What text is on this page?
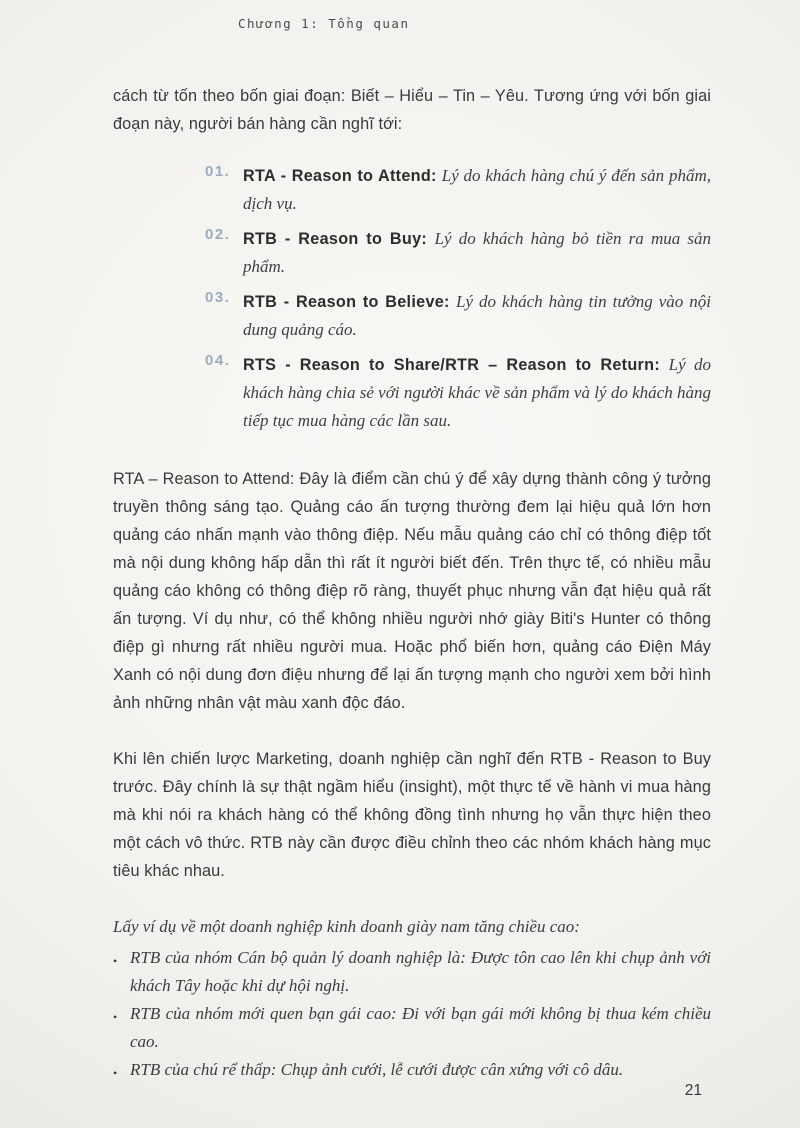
Chương 1: Tổng quan

cách từ tốn theo bốn giai đoạn: Biết – Hiểu – Tin – Yêu. Tương ứng với bốn giai đoạn này, người bán hàng cần nghĩ tới:

01. RTA - Reason to Attend: Lý do khách hàng chú ý đến sản phẩm, dịch vụ.
02. RTB - Reason to Buy: Lý do khách hàng bỏ tiền ra mua sản phẩm.
03. RTB - Reason to Believe: Lý do khách hàng tin tưởng vào nội dung quảng cáo.
04. RTS - Reason to Share/RTR – Reason to Return: Lý do khách hàng chia sẻ với người khác về sản phẩm và lý do khách hàng tiếp tục mua hàng các lần sau.

RTA – Reason to Attend: Đây là điểm cần chú ý để xây dựng thành công ý tưởng truyền thông sáng tạo. Quảng cáo ấn tượng thường đem lại hiệu quả lớn hơn quảng cáo nhấn mạnh vào thông điệp. Nếu mẫu quảng cáo chỉ có thông điệp tốt mà nội dung không hấp dẫn thì rất ít người biết đến. Trên thực tế, có nhiều mẫu quảng cáo không có thông điệp rõ ràng, thuyết phục nhưng vẫn đạt hiệu quả rất ấn tượng. Ví dụ như, có thể không nhiều người nhớ giày Biti's Hunter có thông điệp gì nhưng rất nhiều người mua. Hoặc phổ biến hơn, quảng cáo Điện Máy Xanh có nội dung đơn điệu nhưng để lại ấn tượng mạnh cho người xem bởi hình ảnh những nhân vật màu xanh độc đáo.

Khi lên chiến lược Marketing, doanh nghiệp cần nghĩ đến RTB - Reason to Buy trước. Đây chính là sự thật ngầm hiểu (insight), một thực tế về hành vi mua hàng mà khi nói ra khách hàng có thể không đồng tình nhưng họ vẫn thực hiện theo một cách vô thức. RTB này cần được điều chỉnh theo các nhóm khách hàng mục tiêu khác nhau.

Lấy ví dụ về một doanh nghiệp kinh doanh giày nam tăng chiều cao:

• RTB của nhóm Cán bộ quản lý doanh nghiệp là: Được tôn cao lên khi chụp ảnh với khách Tây hoặc khi dự hội nghị.
• RTB của nhóm mới quen bạn gái cao: Đi với bạn gái mới không bị thua kém chiều cao.
• RTB của chú rể thấp: Chụp ảnh cưới, lễ cưới được cân xứng với cô dâu.
21
